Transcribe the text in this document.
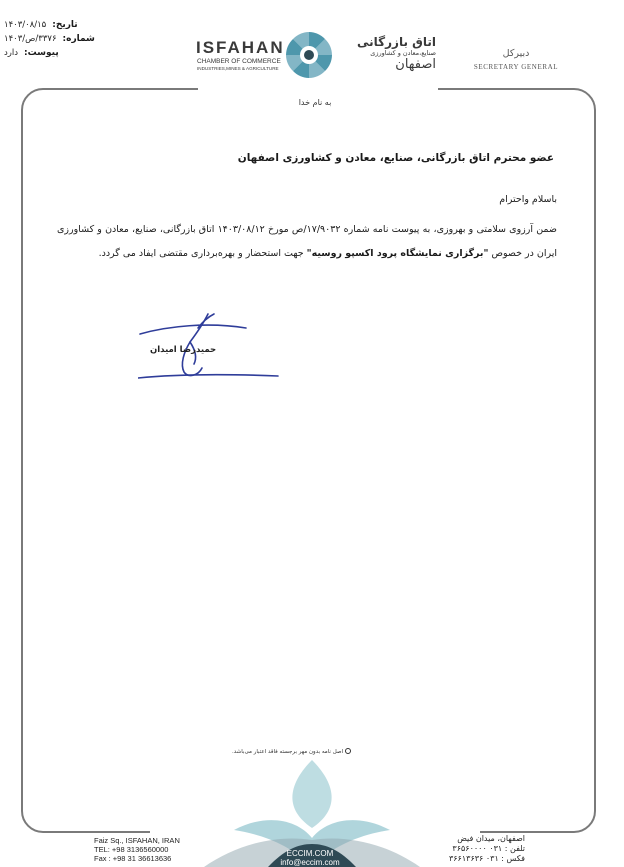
تاریخ:
۱۴۰۳/۰۸/۱۵
شماره:
۳۳۷۶/ص/۱۴۰۳
پیوست:
دارد	ISFAHAN
CHAMBER OF COMMERCE
INDUSTRIES,MINES & AGRICULTURE
اتاق بازرگانی
صنایع،معادن و کشاورزی
اصفهان
دبیرکل
SECRETARY GENERAL
به نام خدا
عضو محترم اتاق بازرگانی، صنایع، معادن و کشاورزی اصفهان
باسلام واحترام
ضمن آرزوی سلامتی و بهروزی، به پیوست نامه شماره ۱۷/۹۰۳۲/ص مورخ ۱۴۰۳/۰۸/۱۲ اتاق بازرگانی، صنایع، معادن و کشاورزی ایران در خصوص "برگزاری نمایشگاه پرود اکسپو روسیه" جهت استحضار و بهره‌برداری مقتضی ایفاد می گردد.
حمیدرضا امیدان
اصل نامه بدون مهر برجسته فاقد اعتبار می‌باشد.
ECCIM.COM
info@eccim.com
Faiz Sq., ISFAHAN, IRAN
TEL: +98 3136560000
Fax : +98 31 36613636
اصفهان، میدان فیض
تلفن : ۰۳۱ ۳۶۵۶۰۰۰۰
فکس : ۰۳۱ ۳۶۶۱۳۶۳۶
